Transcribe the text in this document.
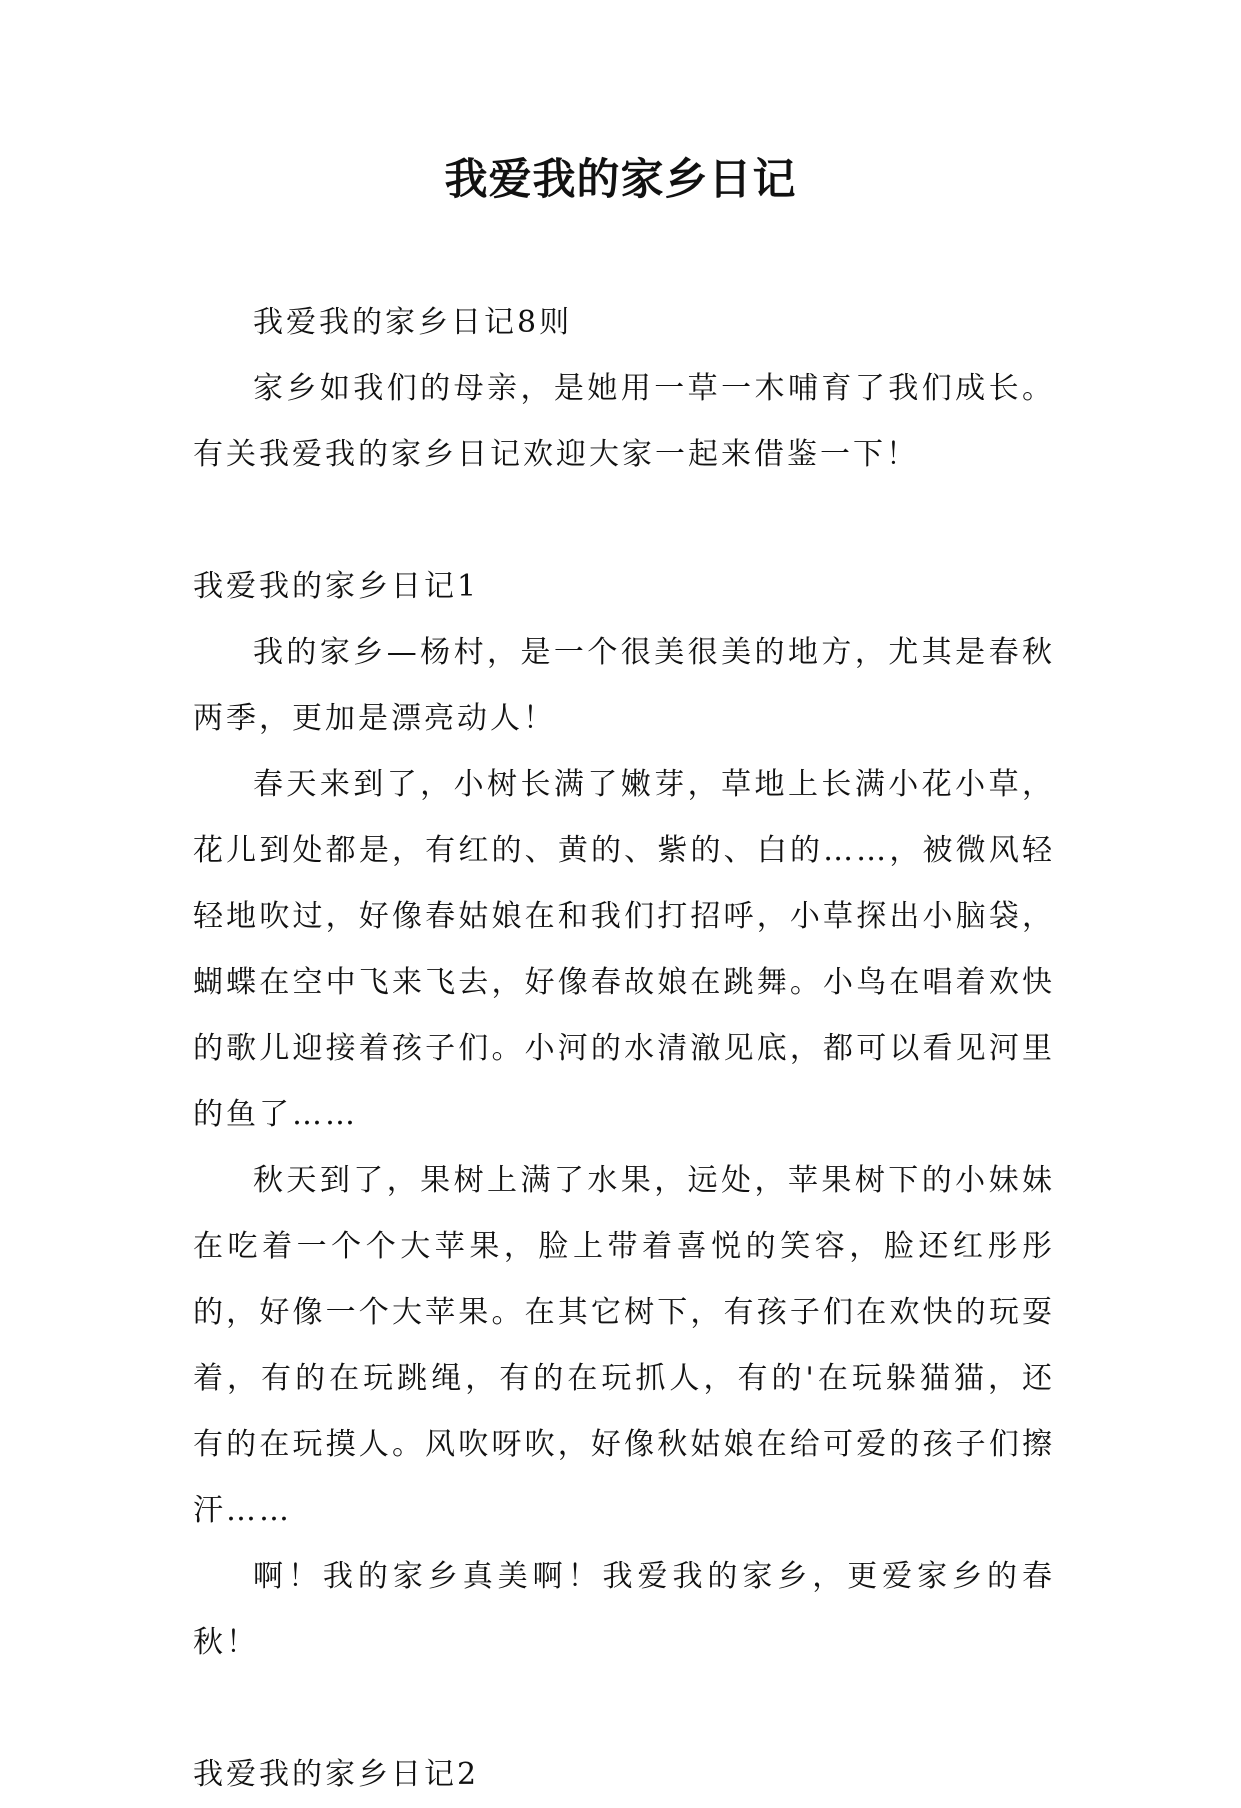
我爱我的家乡日记

我爱我的家乡日记8则

家乡如我们的母亲，是她用一草一木哺育了我们成长。有关我爱我的家乡日记欢迎大家一起来借鉴一下！

我爱我的家乡日记1

我的家乡—杨村，是一个很美很美的地方，尤其是春秋两季，更加是漂亮动人！

春天来到了，小树长满了嫩芽，草地上长满小花小草，花儿到处都是，有红的、黄的、紫的、白的……，被微风轻轻地吹过，好像春姑娘在和我们打招呼，小草探出小脑袋，蝴蝶在空中飞来飞去，好像春故娘在跳舞。小鸟在唱着欢快的歌儿迎接着孩子们。小河的水清澈见底，都可以看见河里的鱼了……

秋天到了，果树上满了水果，远处，苹果树下的小妹妹在吃着一个个大苹果，脸上带着喜悦的笑容，脸还红彤彤的，好像一个大苹果。在其它树下，有孩子们在欢快的玩耍着，有的在玩跳绳，有的在玩抓人，有的'在玩躲猫猫，还有的在玩摸人。风吹呀吹，好像秋姑娘在给可爱的孩子们擦汗……

啊！我的家乡真美啊！我爱我的家乡，更爱家乡的春秋！

我爱我的家乡日记2
